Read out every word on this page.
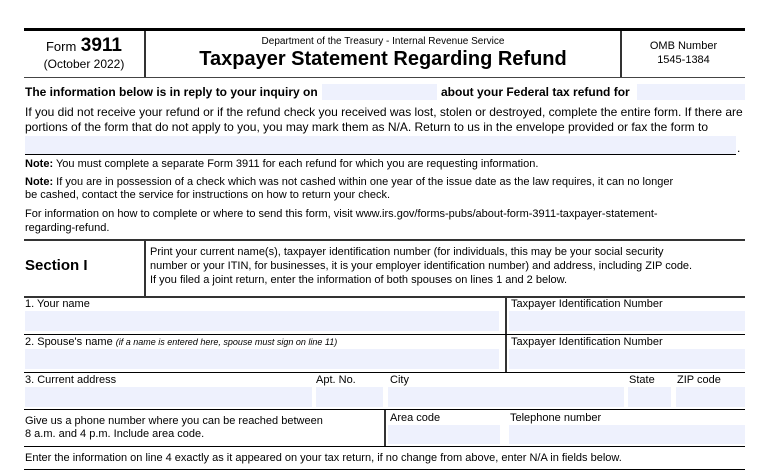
Form 3911
(October 2022)
Department of the Treasury - Internal Revenue Service
Taxpayer Statement Regarding Refund
OMB Number
1545-1384
The information below is in reply to your inquiry on	about your Federal tax refund for
If you did not receive your refund or if the refund check you received was lost, stolen or destroyed, complete the entire form. If there are
portions of the form that do not apply to you, you may mark them as N/A. Return to us in the envelope provided or fax the form to
.
Note: You must complete a separate Form 3911 for each refund for which you are requesting information.
Note: If you are in possession of a check which was not cashed within one year of the issue date as the law requires, it can no longer
be cashed, contact the service for instructions on how to return your check.
For information on how to complete or where to send this form, visit www.irs.gov/forms-pubs/about-form-3911-taxpayer-statement-
regarding-refund.
Section I
Print your current name(s), taxpayer identification number (for individuals, this may be your social security
number or your ITIN, for businesses, it is your employer identification number) and address, including ZIP code.
If you filed a joint return, enter the information of both spouses on lines 1 and 2 below.
1. Your name	Taxpayer Identification Number
2. Spouse's name (if a name is entered here, spouse must sign on line 11)	Taxpayer Identification Number
3. Current address	Apt. No.	City	State ZIP code
Give us a phone number where you can be reached between
8 a.m. and 4 p.m. Include area code.
Area code	Telephone number
Enter the information on line 4 exactly as it appeared on your tax return, if no change from above, enter N/A in fields below.
